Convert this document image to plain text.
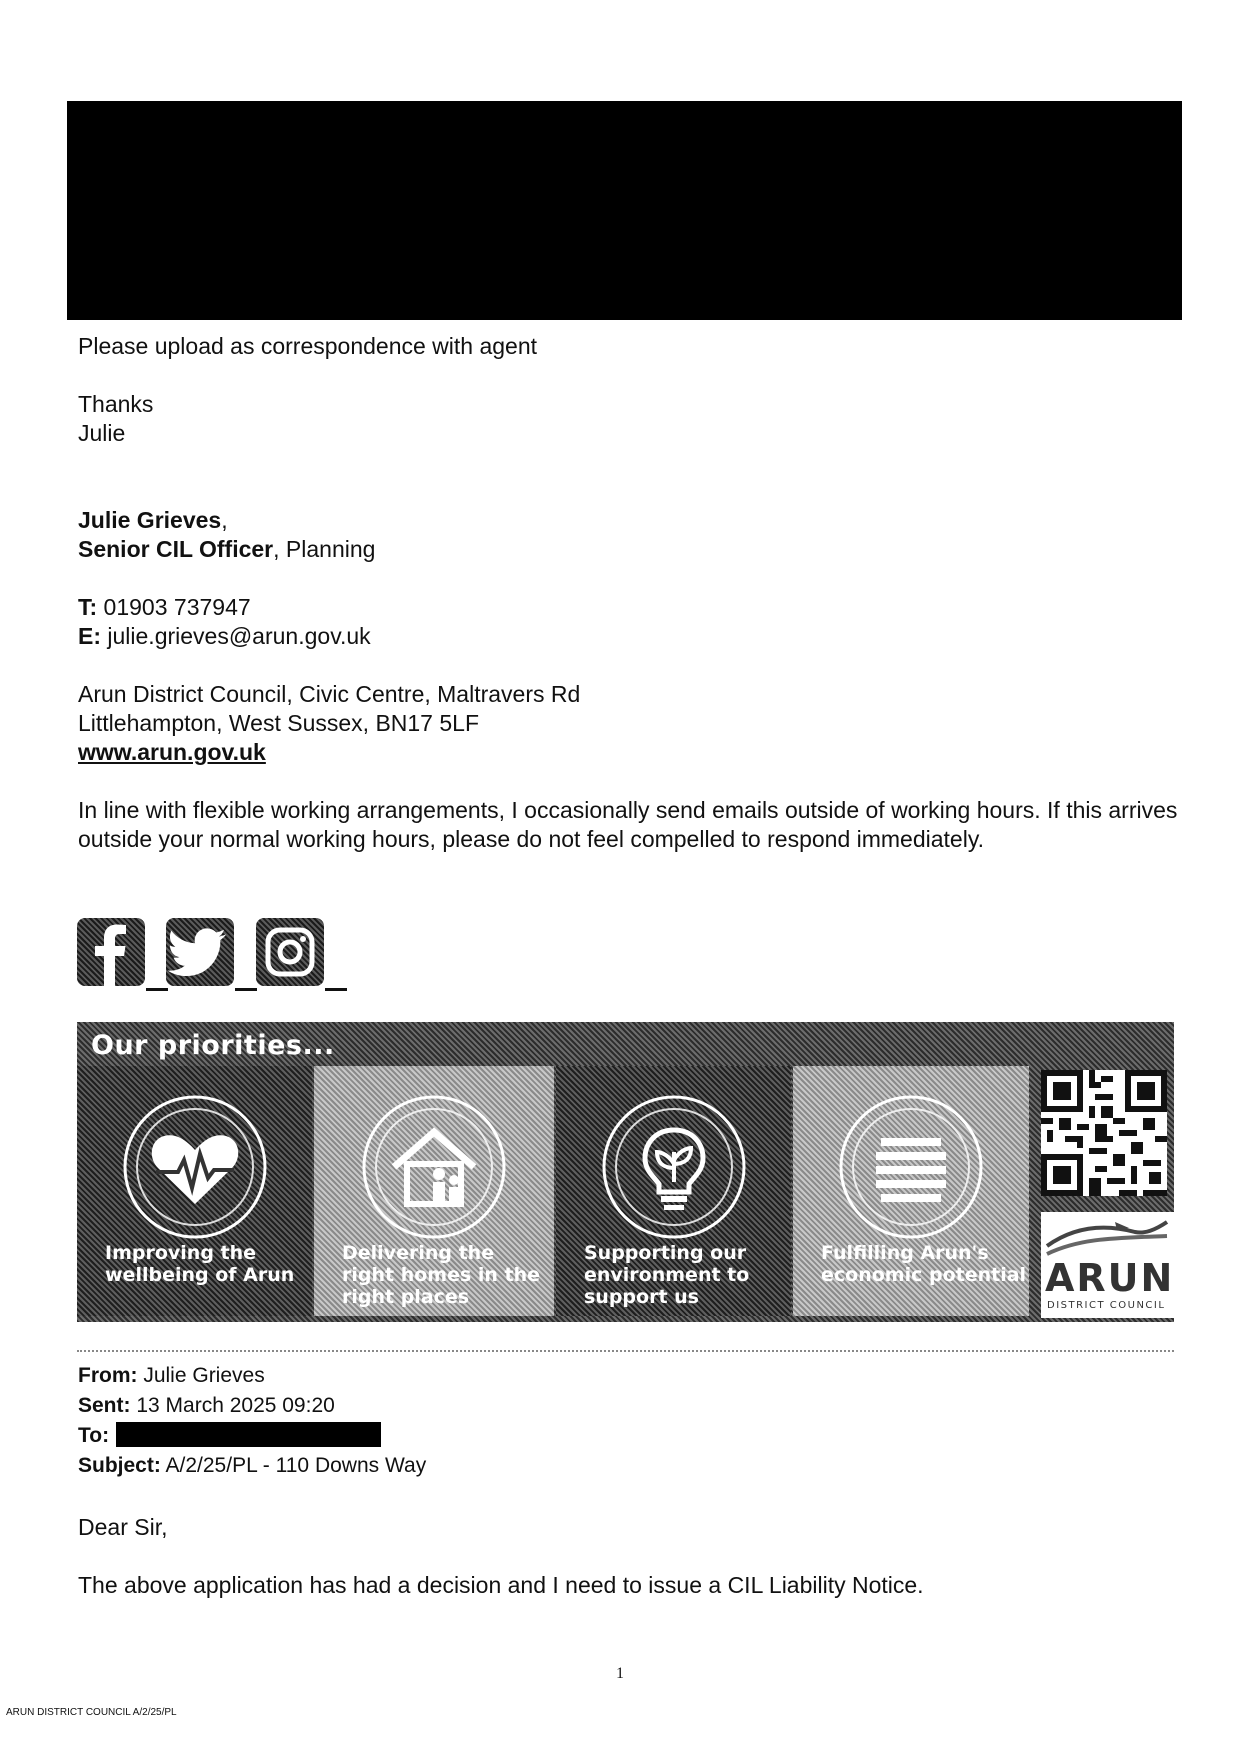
Please upload as correspondence with agent
Thanks
Julie
Julie Grieves,
Senior CIL Officer, Planning
T: 01903 737947
E: julie.grieves@arun.gov.uk
Arun District Council, Civic Centre, Maltravers Rd
Littlehampton, West Sussex, BN17 5LF
www.arun.gov.uk
In line with flexible working arrangements, I occasionally send emails outside of working hours. If this arrives outside your normal working hours, please do not feel compelled to respond immediately.
Our priorities...
Improving the wellbeing of Arun
Delivering the right homes in the right places
Supporting our environment to support us
Fulfilling Arun's economic potential ARUN
DISTRICT COUNCIL
From: Julie Grieves
Sent: 13 March 2025 09:20
To:
Subject: A/2/25/PL - 110 Downs Way
Dear Sir,
The above application has had a decision and I need to issue a CIL Liability Notice.
1
ARUN DISTRICT COUNCIL A/2/25/PL
